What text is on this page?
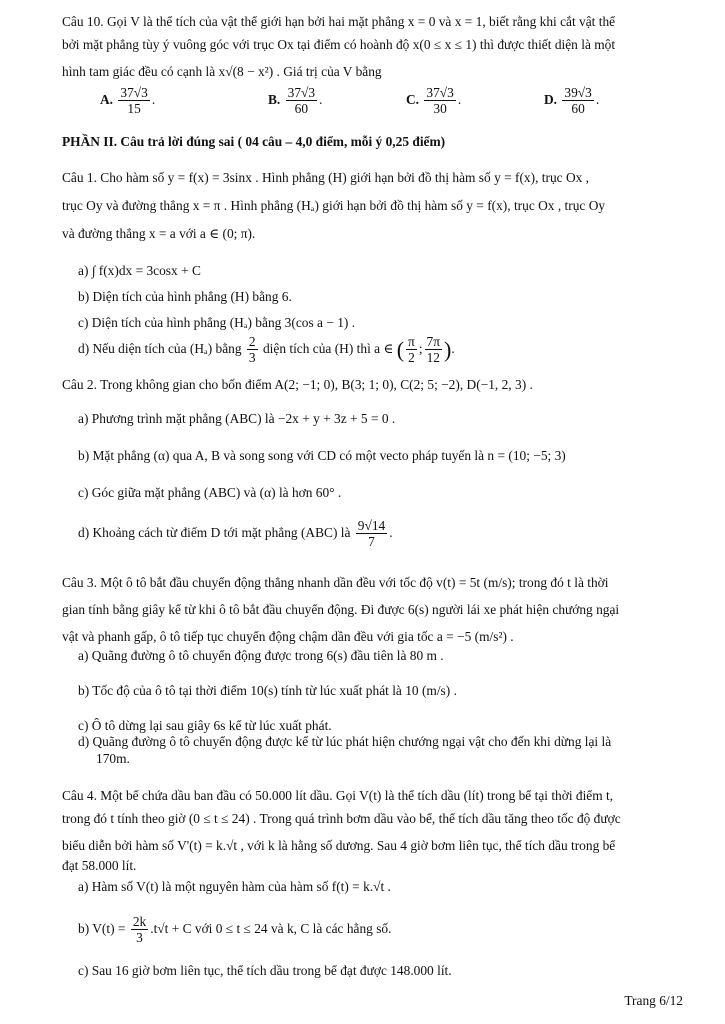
Câu 10. Gọi V là thể tích của vật thể giới hạn bởi hai mặt phẳng x = 0 và x = 1, biết rằng khi cắt vật thể
bởi mặt phẳng tùy ý vuông góc với trục Ox tại điểm có hoành độ x(0 ≤ x ≤ 1) thì được thiết diện là một
hình tam giác đều có cạnh là x√(8 − x²) . Giá trị của V bằng
A. $\frac{37√3}{15}$ .	B. $\frac{37√3}{60}$ .	C. $\frac{37√3}{30}$ .	D. $\frac{39√3}{60}$ .
PHẦN II. Câu trả lời đúng sai ( 04 câu – 4,0 điểm, mỗi ý 0,25 điểm)
Câu 1. Cho hàm số y = f(x) = 3sinx . Hình phẳng (H) giới hạn bởi đồ thị hàm số y = f(x), trục Ox ,
trục Oy và đường thẳng x = π . Hình phẳng (Hₐ) giới hạn bởi đồ thị hàm số y = f(x), trục Ox , trục Oy
và đường thẳng x = a với a ∈ (0; π).
a) ∫ f(x)dx = 3cosx + C
b) Diện tích của hình phẳng (H) bằng 6.
c) Diện tích của hình phẳng (Hₐ) bằng 3(cos a − 1) .
d) Nếu diện tích của (Hₐ) bằng $\frac{2}{3}$ diện tích của (H) thì a ∈ ( $\frac{\pi}{2}$ ; $\frac{7\pi}{12}$ ).
Câu 2. Trong không gian cho bốn điểm A(2; −1; 0), B(3; 1; 0), C(2; 5; −2), D(−1, 2, 3) .
a) Phương trình mặt phẳng (ABC) là −2x + y + 3z + 5 = 0 .
b) Mặt phẳng (α) qua A, B và song song với CD có một vecto pháp tuyến là n = (10; −5; 3)
c) Góc giữa mặt phẳng (ABC) và (α) là hơn 60° .
d) Khoảng cách từ điểm D tới mặt phẳng (ABC) là $\frac{9√14}{7}$ .
Câu 3. Một ô tô bắt đầu chuyển động thẳng nhanh dần đều với tốc độ v(t) = 5t (m/s); trong đó t là thời
gian tính bằng giây kể từ khi ô tô bắt đầu chuyển động. Đi được 6(s) người lái xe phát hiện chướng ngại
vật và phanh gấp, ô tô tiếp tục chuyển động chậm dần đều với gia tốc a = −5 (m/s²) .
a) Quãng đường ô tô chuyển động được trong 6(s) đầu tiên là 80 m .
b) Tốc độ của ô tô tại thời điểm 10(s) tính từ lúc xuất phát là 10 (m/s) .
c) Ô tô dừng lại sau giây 6s kể từ lúc xuất phát.
d) Quãng đường ô tô chuyển động được kể từ lúc phát hiện chướng ngại vật cho đến khi dừng lại là
170m.
Câu 4. Một bể chứa dầu ban đầu có 50.000 lít dầu. Gọi V(t) là thể tích dầu (lít) trong bể tại thời điểm t,
trong đó t tính theo giờ (0 ≤ t ≤ 24) . Trong quá trình bơm dầu vào bể, thể tích dầu tăng theo tốc độ được
biểu diễn bởi hàm số V'(t) = k.√t , với k là hằng số dương. Sau 4 giờ bơm liên tục, thể tích dầu trong bể
đạt 58.000 lít.
a) Hàm số V(t) là một nguyên hàm của hàm số f(t) = k.√t .
b) $V(t) = \frac{2k}{3} .t√t + C$ với 0 ≤ t ≤ 24 và k, C là các hằng số.
c) Sau 16 giờ bơm liên tục, thể tích dầu trong bể đạt được 148.000 lít.
Trang 6/12
